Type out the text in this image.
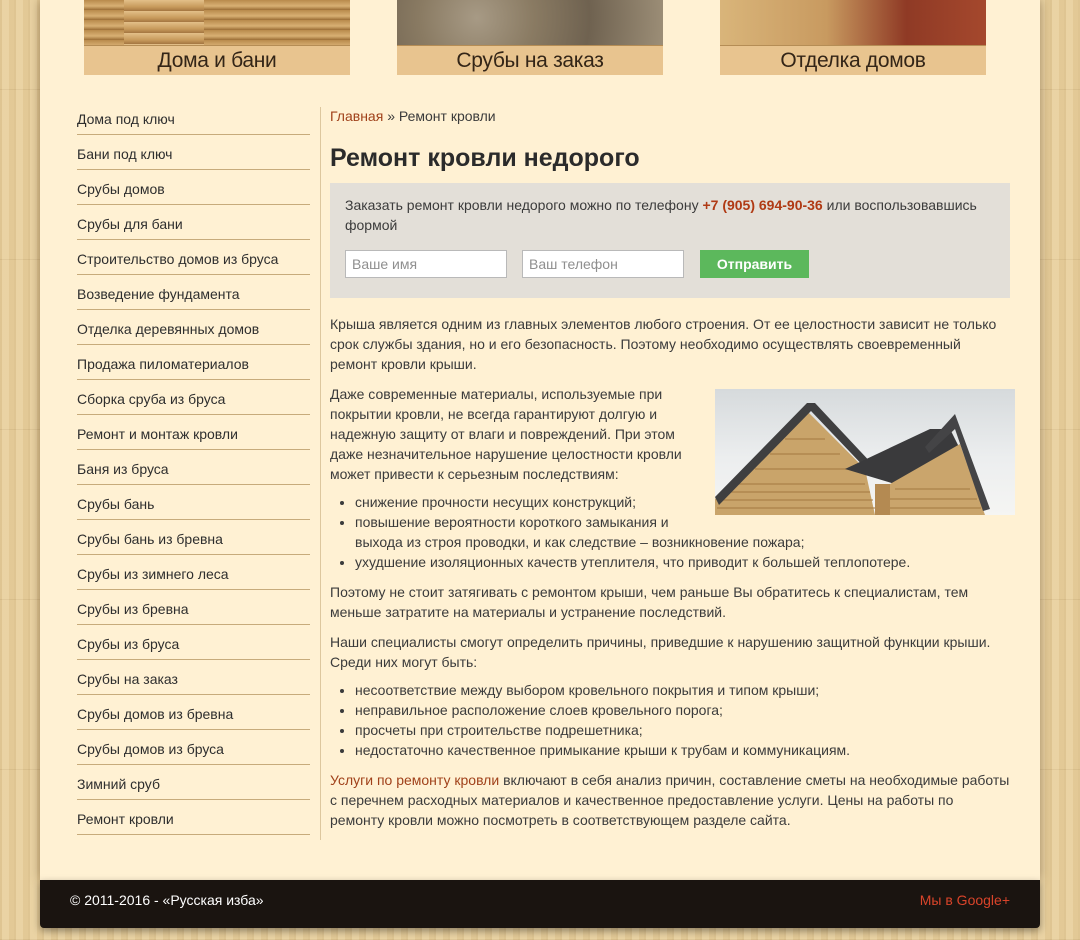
Дома и бани	Срубы на заказ	Отделка домов
Дома под ключ
Бани под ключ
Срубы домов
Срубы для бани
Строительство домов из бруса
Возведение фундамента
Отделка деревянных домов
Продажа пиломатериалов
Сборка сруба из бруса
Ремонт и монтаж кровли
Баня из бруса
Срубы бань
Срубы бань из бревна
Срубы из зимнего леса
Срубы из бревна
Срубы из бруса
Срубы на заказ
Срубы домов из бревна
Срубы домов из бруса
Зимний сруб
Ремонт кровли
Главная » Ремонт кровли
Ремонт кровли недорого
Заказать ремонт кровли недорого можно по телефону +7 (905) 694-90-36 или воспользовавшись формой
Ваше имя
Ваш телефон
Отправить

Крыша является одним из главных элементов любого строения. От ее целостности зависит не только срок службы здания, но и его безопасность. Поэтому необходимо осуществлять своевременный ремонт кровли крыши.

Даже современные материалы, используемые при покрытии кровли, не всегда гарантируют долгую и надежную защиту от влаги и повреждений. При этом даже незначительное нарушение целостности кровли может привести к серьезным последствиям:

• снижение прочности несущих конструкций;
• повышение вероятности короткого замыкания и выхода из строя проводки, и как следствие – возникновение пожара;
• ухудшение изоляционных качеств утеплителя, что приводит к большей теплопотере.

Поэтому не стоит затягивать с ремонтом крыши, чем раньше Вы обратитесь к специалистам, тем меньше затратите на материалы и устранение последствий.

Наши специалисты смогут определить причины, приведшие к нарушению защитной функции крыши. Среди них могут быть:

• несоответствие между выбором кровельного покрытия и типом крыши;
• неправильное расположение слоев кровельного порога;
• просчеты при строительстве подрешетника;
• недостаточно качественное примыкание крыши к трубам и коммуникациям.

Услуги по ремонту кровли включают в себя анализ причин, составление сметы на необходимые работы с перечнем расходных материалов и качественное предоставление услуги. Цены на работы по ремонту кровли можно посмотреть в соответствующем разделе сайта.

© 2011-2016 - «Русская изба»	Мы в Google+
